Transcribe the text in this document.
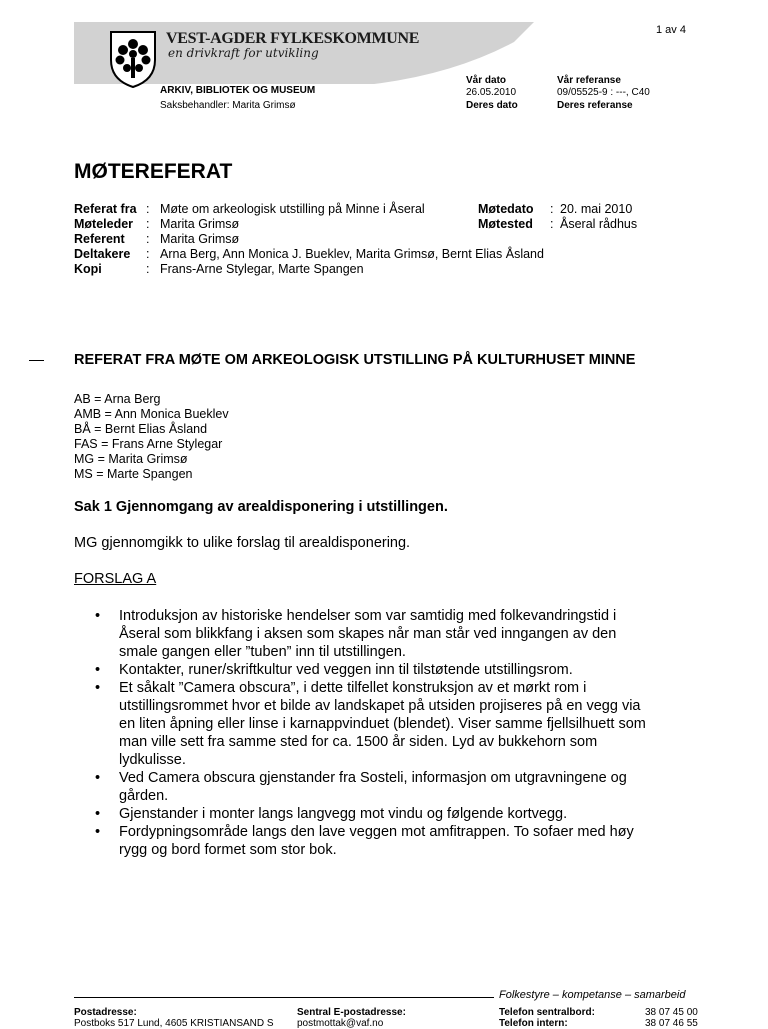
VEST-AGDER FYLKESKOMMUNE
en drivkraft for utvikling
1 av 4
ARKIV, BIBLIOTEK OG MUSEUM
Saksbehandler: Marita Grimsø
Vår dato
26.05.2010
Deres dato
Vår referanse
09/05525-9 : ---, C40
Deres referanse
MØTEREFERAT
Referat fra : Møte om arkeologisk utstilling på Minne i Åseral
Møteleder : Marita Grimsø
Referent : Marita Grimsø
Deltakere : Arna Berg, Ann Monica J. Bueklev, Marita Grimsø, Bernt Elias Åsland
Kopi	: Frans-Arne Stylegar, Marte Spangen
Møtedato : 20. mai 2010
Møtested : Åseral rådhus
REFERAT FRA MØTE OM ARKEOLOGISK UTSTILLING PÅ KULTURHUSET MINNE
AB = Arna Berg
AMB = Ann Monica Bueklev
BÅ = Bernt Elias Åsland
FAS = Frans Arne Stylegar
MG = Marita Grimsø
MS = Marte Spangen
Sak 1 Gjennomgang av arealdisponering i utstillingen.
MG gjennomgikk to ulike forslag til arealdisponering.
FORSLAG A
• Introduksjon av historiske hendelser som var samtidig med folkevandringstid i
Åseral som blikkfang i aksen som skapes når man står ved inngangen av den
smale gangen eller ”tuben” inn til utstillingen.
• Kontakter, runer/skriftkultur ved veggen inn til tilstøtende utstillingsrom.
• Et såkalt ”Camera obscura”, i dette tilfellet konstruksjon av et mørkt rom i
utstillingsrommet hvor et bilde av landskapet på utsiden projiseres på en vegg via
en liten åpning eller linse i karnappvinduet (blendet). Viser samme fjellsilhuett som
man ville sett fra samme sted for ca. 1500 år siden. Lyd av bukkehorn som
lydkulisse.
• Ved Camera obscura gjenstander fra Sosteli, informasjon om utgravningene og
gården.
• Gjenstander i monter langs langvegg mot vindu og følgende kortvegg.
• Fordypningsområde langs den lave veggen mot amfitrappen. To sofaer med høy
rygg og bord formet som stor bok.
Folkestyre – kompetanse – samarbeid
Postadresse:
Postboks 517 Lund, 4605 KRISTIANSAND S
Sentral E-postadresse:
postmottak@vaf.no
Telefon sentralbord:	38 07 45 00
Telefon intern:	38 07 46 55
